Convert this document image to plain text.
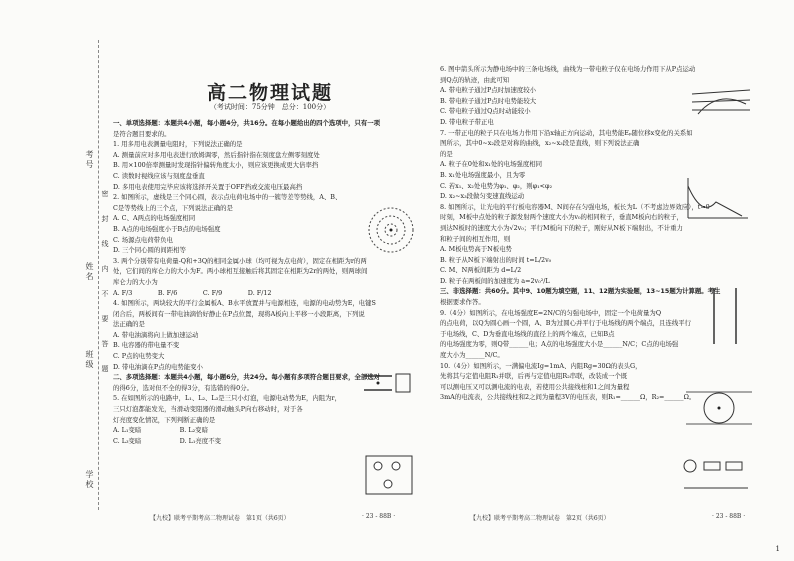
考号
姓名
班级
学校
密封线内不要答题
高二物理试题
（考试时间：75分钟　总分：100分）

一、单项选择题：本题共4小题，每小题4分，共16分。在每小题给出的四个选项中，只有一项

是符合题目要求的。

1. 用多用电表测量电阻时，下列说法正确的是

A. 测量前应对多用电表进行欧姆调零，然后指针指在刻度盘左侧零刻度处

B. 用×100倍率测量时发现指针偏转角度太小，则应该更换成更大倍率挡

C. 读数时视线应该与刻度盘垂直

D. 多用电表使用完毕应该将选择开关置于OFF挡或交流电压最高挡

2. 如图所示，虚线是三个同心圆，表示点电荷电场中的一簇等差等势线，A、B、

C是等势线上的三个点，下列说法正确的是

A. C、A两点的电场强度相同

B. A点的电场强度小于B点的电场强度

C. 场源点电荷带负电

D. 三个同心圆的间距相等

3. 两个分别带有电荷量-Q和+3Q的相同金属小球（均可视为点电荷），固定在相距为r的两

处，它们间的库仑力的大小为F。两小球相互接触后将其固定在相距为2r的两处，则两球间

库仑力的大小为

A. F/3　　　　B. F/6　　　　C. F/9　　　　D. F/12

4. 如图所示，两块较大的平行金属板A、B水平放置并与电源相连，电源的电动势为E，电键S

闭合后，两板间有一带电油滴恰好静止在P点位置，现将A板向上平移一小段距离，下列说

法正确的是

A. 带电油滴将向上做加速运动

B. 电容器的带电量不变

C. P点的电势变大

D. 带电油滴在P点的电势能变小

二、多项选择题：本题共4小题，每小题6分，共24分。每小题有多项符合题目要求，全部选对

的得6分，选对但不全的得3分，有选错的得0分。

5. 在如图所示的电路中，L₁、L₂、L₃是三只小灯泡，电源电动势为E，内阻为r，

三只灯泡都能发光，当滑动变阻器的滑动触头P向右移动时，对于各

灯亮度变化情况，下列判断正确的是

A. L₁变暗　　　　　　B. L₂变暗

C. L₃变暗　　　　　　D. L₁亮度不变

6. 图中箭头所示为静电场中的三条电场线，曲线为一带电粒子仅在电场力作用下从P点运动

到Q点的轨迹，由此可知

A. 带电粒子通过P点时加速度较小

B. 带电粒子通过P点时电势能较大

C. 带电粒子通过Q点时动能较小

D. 带电粒子带正电

7. 一带正电的粒子只在电场力作用下沿x轴正方向运动，其电势能Eₚ随位移x变化的关系如

图所示，其中0~x₂段是对称的曲线，x₂~x₃段是直线，则下列说法正确

的是

A. 粒子在0处和x₁处的电场强度相同

B. x₁处电场强度最小，且为零

C. 若x₁、x₂处电势为φ₁、φ₂，则φ₁<φ₂

D. x₂~x₃段做匀变速直线运动

8. 如图所示，让光电的平行板电容器M、N间存在匀强电场，板长为L（不考虑边界效应），t=0

时刻，M板中点处的粒子源发射两个速度大小为v₀的相同粒子，垂直M板向右的粒子，

到达N板时的速度大小为√2v₀；平行M板向下的粒子，刚好从N板下端射出，不计重力

和粒子间的相互作用，则

A. M板电势高于N板电势

B. 粒子从N板下端射出的时间 t=L/2v₀

C. M、N两板间距为 d=L/2

D. 粒子在两板间的加速度为 a=2v₀²/L

三、非选择题：共60分。其中9、10题为填空题，11、12题为实验题，13~15题为计算题。考生

根据要求作答。

9.（4分）如图所示，在电场强度E=2N/C的匀强电场中，固定一个电荷量为Q

的点电荷，以Q为圆心画一个圆，A、B为过圆心并平行于电场线的两个端点，且连线平行

于电场线，C、D为垂直电场线的直径上的两个端点，已知B点

的电场强度为零，则Q带______电；A点的电场强度大小是______N/C；C点的电场强

度大小为______N/C。

10.（4分）如图所示，一满偏电流Ig=1mA、内阻Rg=30Ω的表头G，

先将其与定值电阻R₁并联，后再与定值电阻R₂串联，改装成一个既

可以测电压又可以测电流的电表，若使用公共接线柱和1之间为量程

3mA的电流表，公共接线柱和2之间为量程3V的电压表，则R₁=______Ω，R₂=______Ω。

【九校】联考平期考高二物理试卷　第1页（共6页）	· 23 - 88B ·	【九校】联考平期考高二物理试卷　第2页（共6页）	· 23 - 88B ·
1
